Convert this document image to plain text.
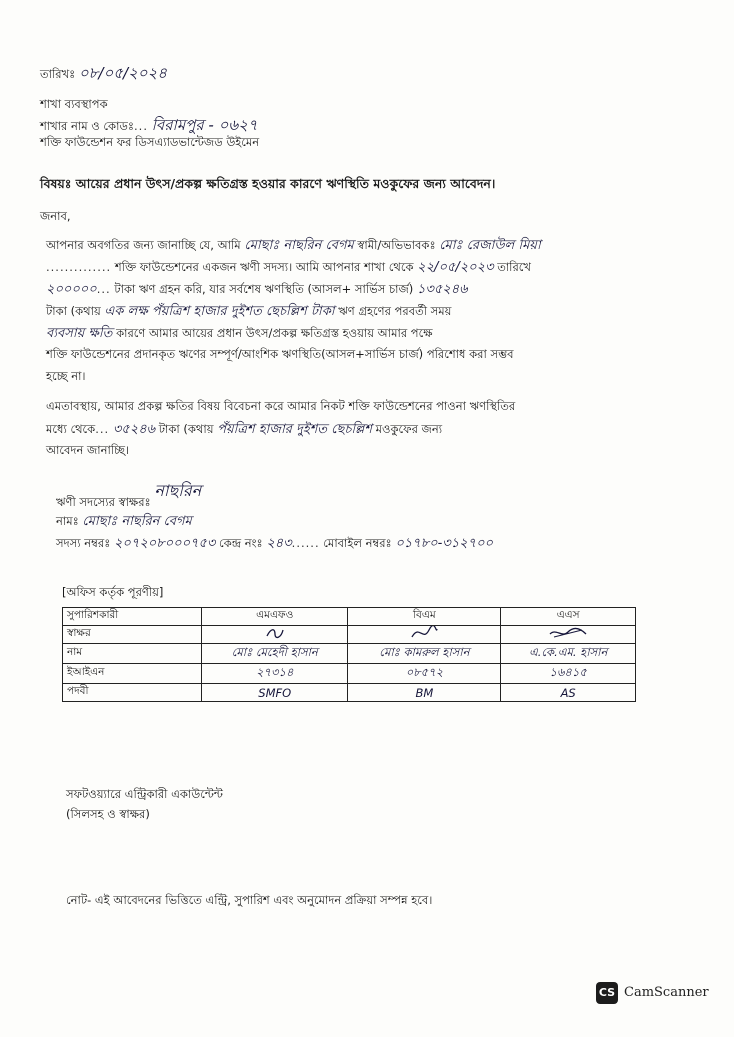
তারিখঃ ০৮/০৫/২০২৪
শাখা ব্যবস্থাপক
শাখার নাম ও কোডঃ... বিরামপুর - ০৬২৭
শক্তি ফাউন্ডেশন ফর ডিসএ্যাডভান্টেজড উইমেন
বিষয়ঃ আয়ের প্রধান উৎস/প্রকল্প ক্ষতিগ্রস্ত হওয়ার কারণে ঋণস্থিতি মওকুফের জন্য আবেদন।
জনাব,
আপনার অবগতির জন্য জানাচ্ছি যে, আমি মোছাঃ নাছরিন বেগম স্বামী/অভিভাবকঃ মোঃ রেজাউল মিয়া
.............. শক্তি ফাউন্ডেশনের একজন ঋণী সদস্য। আমি আপনার শাখা থেকে ২২/০৫/২০২৩ তারিখে
২০০০০০... টাকা ঋণ গ্রহন করি, যার সর্বশেষ ঋণস্থিতি (আসল+ সার্ভিস চার্জ) ১৩৫২৪৬
টাকা (কথায় এক লক্ষ পঁয়ত্রিশ হাজার দুইশত ছেচল্লিশ টাকা ঋণ গ্রহণের পরবর্তী সময়
ব্যবসায় ক্ষতি কারণে আমার আয়ের প্রধান উৎস/প্রকল্প ক্ষতিগ্রস্ত হওয়ায় আমার পক্ষে
শক্তি ফাউন্ডেশনের প্রদানকৃত ঋণের সম্পূর্ণ/আংশিক ঋণস্থিতি(আসল+সার্ভিস চার্জ) পরিশোধ করা সম্ভব
হচ্ছে না।
এমতাবস্থায়, আমার প্রকল্প ক্ষতির বিষয় বিবেচনা করে আমার নিকট শক্তি ফাউন্ডেশনের পাওনা ঋণস্থিতির
মধ্যে থেকে... ৩৫২৪৬ টাকা (কথায় পঁয়ত্রিশ হাজার দুইশত ছেচল্লিশ মওকুফের জন্য
আবেদন জানাচ্ছি।
ঋণী সদস্যের স্বাক্ষরঃ নাছরিন
নামঃ মোছাঃ নাছরিন বেগম
সদস্য নম্বরঃ ২০৭২০৮০০০৭৫৩ কেন্দ্র নংঃ ২৪৩...... মোবাইল নম্বরঃ ০১৭৮০-৩১২৭০০
[অফিস কর্তৃক পূরণীয়]
সুপারিশকারী	এমএফও	বিএম	এএস
স্বাক্ষর			
নাম	মোঃ মেহেদী হাসান	মোঃ কামরুল হাসান	এ.কে.এম. হাসান
ইআইএন	২৭৩১৪	০৮৫৭২	১৬৪১৫
পদবী	SMFO	BM	AS
সফটওয়্যারে এন্ট্রিকারী একাউন্টেন্ট
(সিলসহ ও স্বাক্ষর)
নোট- এই আবেদনের ভিত্তিতে এন্ট্রি, সুপারিশ এবং অনুমোদন প্রক্রিয়া সম্পন্ন হবে।
CS CamScanner
